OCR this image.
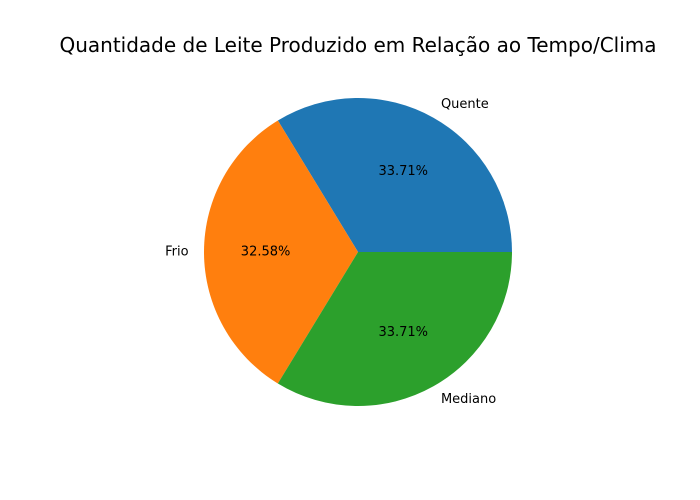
Quantidade de Leite Produzido em Relação ao Tempo/Clima
Quente
33.71%
Frio	32.58%
Mediano
33.71%
